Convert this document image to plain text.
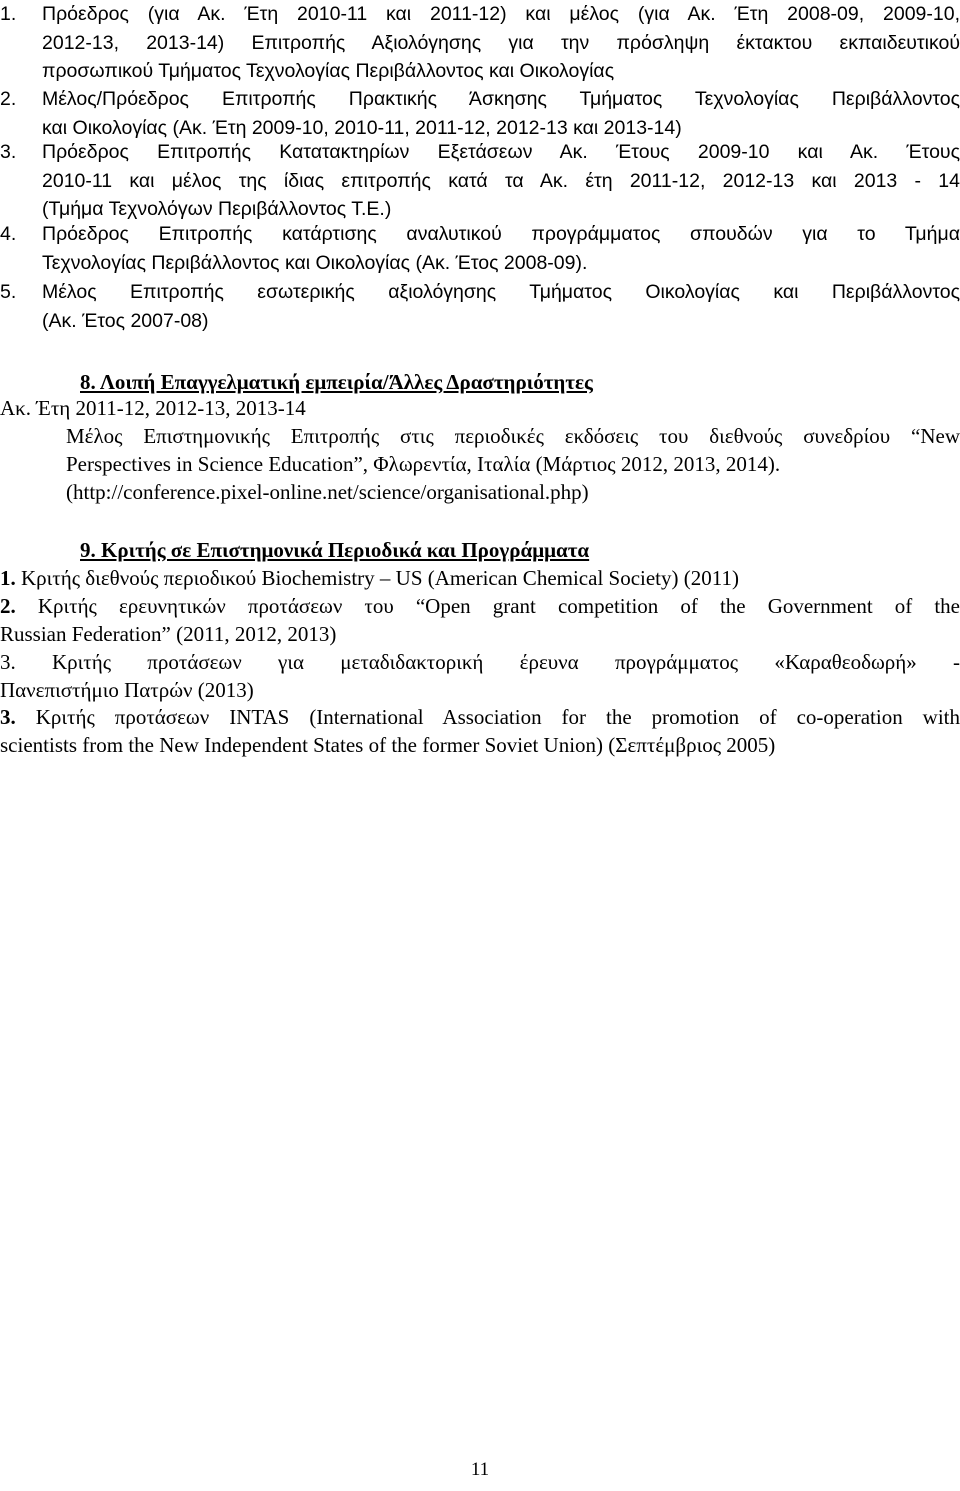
1. Πρόεδρος (για Ακ. Έτη 2010-11 και 2011-12) και μέλος (για Ακ. Έτη 2008-09, 2009-10,

2012-13, 2013-14) Επιτροπής Αξιολόγησης για την πρόσληψη έκτακτου εκπαιδευτικού

προσωπικού Τμήματος Τεχνολογίας Περιβάλλοντος και Οικολογίας

2. Μέλος/Πρόεδρος Επιτροπής Πρακτικής Άσκησης Τμήματος Τεχνολογίας Περιβάλλοντος

και Οικολογίας (Ακ. Έτη 2009-10, 2010-11, 2011-12, 2012-13 και 2013-14)

3. Πρόεδρος Επιτροπής Κατατακτηρίων Εξετάσεων Ακ. Έτους 2009-10 και Ακ. Έτους

2010-11 και μέλος της ίδιας επιτροπής κατά τα Ακ. έτη 2011-12, 2012-13 και 2013 - 14

(Τμήμα Τεχνολόγων Περιβάλλοντος Τ.Ε.)

4. Πρόεδρος Επιτροπής κατάρτισης αναλυτικού προγράμματος σπουδών για το Τμήμα

Τεχνολογίας Περιβάλλοντος και Οικολογίας (Ακ. Έτος 2008-09).

5. Μέλος Επιτροπής εσωτερικής αξιολόγησης Τμήματος Οικολογίας και Περιβάλλοντος

(Ακ. Έτος 2007-08)

8. Λοιπή Επαγγελματική εμπειρία/Άλλες Δραστηριότητες

Ακ. Έτη 2011-12, 2012-13, 2013-14

Μέλος Επιστημονικής Επιτροπής στις περιοδικές εκδόσεις του διεθνούς συνεδρίου “New

Perspectives in Science Education”, Φλωρεντία, Ιταλία (Μάρτιος 2012, 2013, 2014).

(http://conference.pixel-online.net/science/organisational.php)

9. Κριτής σε Επιστημονικά Περιοδικά και Προγράμματα

1. Κριτής διεθνούς περιοδικού Biochemistry – US (American Chemical Society) (2011)

2. Κριτής ερευνητικών προτάσεων του “Open grant competition of the Government of the

Russian Federation” (2011, 2012, 2013)

3. Κριτής προτάσεων για μεταδιδακτορική έρευνα προγράμματος «Καραθεοδωρή» -

Πανεπιστήμιο Πατρών (2013)

3. Κριτής προτάσεων INTAS (International Association for the promotion of co-operation with

scientists from the New Independent States of the former Soviet Union) (Σεπτέμβριος 2005)

11
